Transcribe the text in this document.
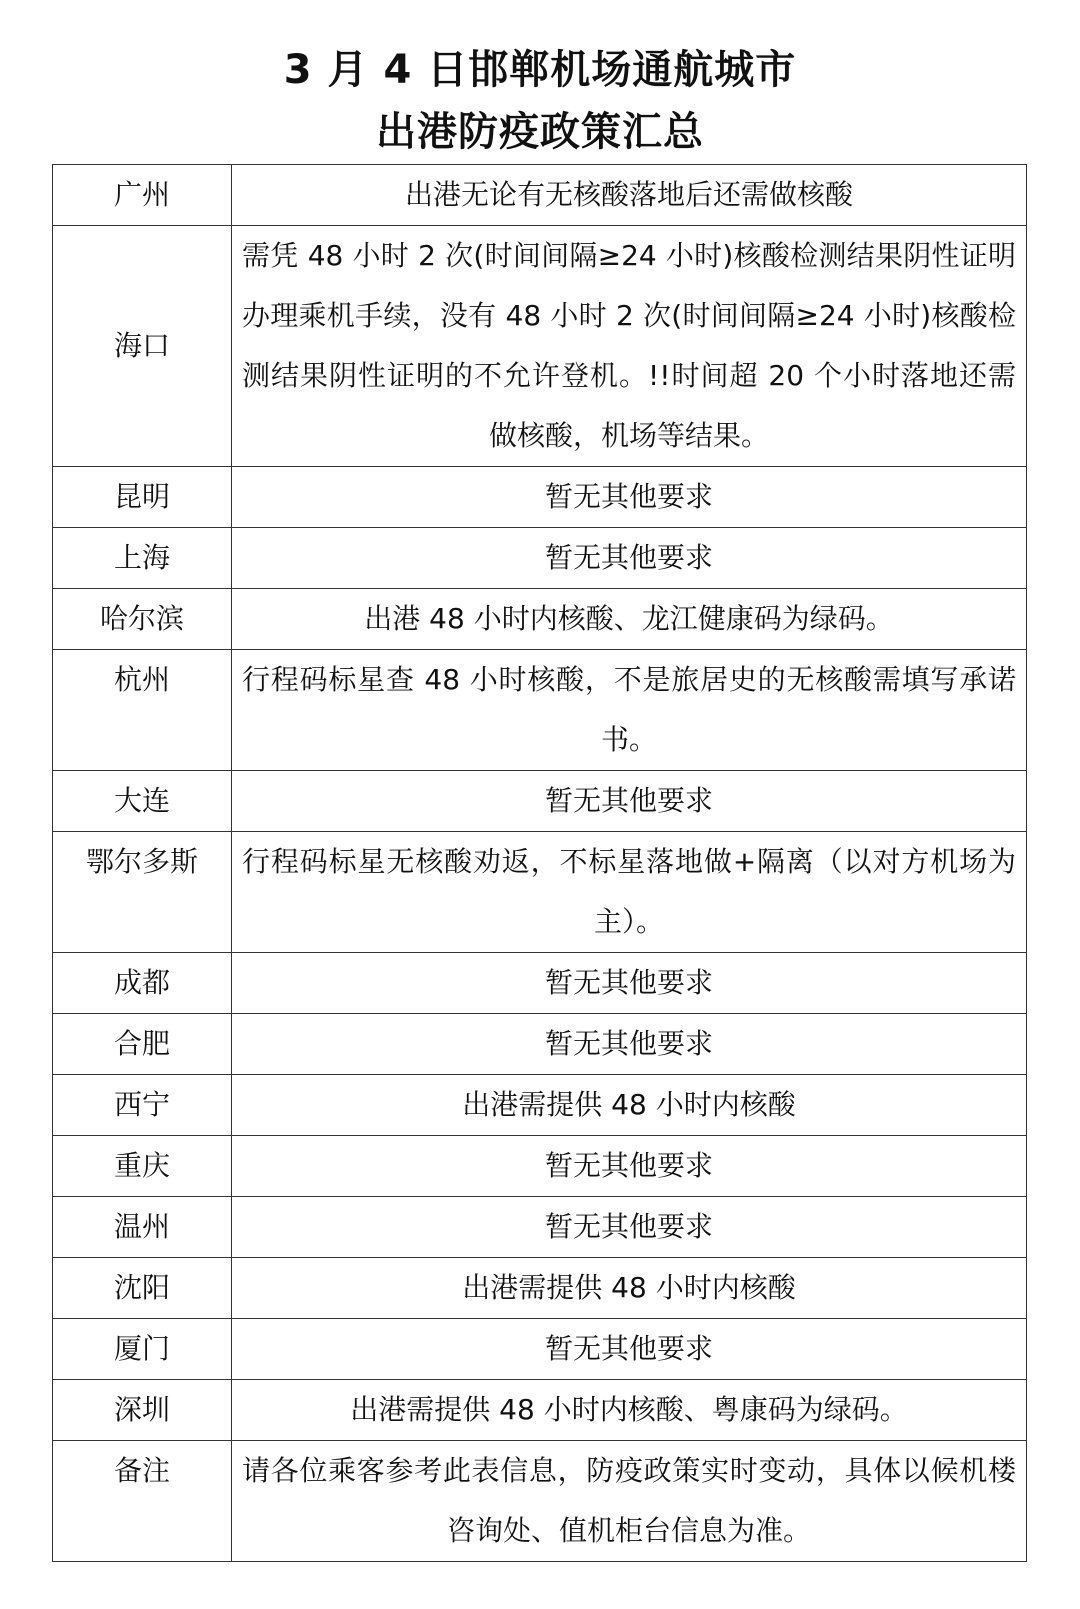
3 月 4 日邯郸机场通航城市
出港防疫政策汇总
广州	出港无论有无核酸落地后还需做核酸
海口	需凭 48 小时 2 次(时间间隔≥24 小时)核酸检测结果阴性证明办理乘机手续，没有 48 小时 2 次(时间间隔≥24 小时)核酸检测结果阴性证明的不允许登机。!!时间超 20 个小时落地还需做核酸，机场等结果。
昆明	暂无其他要求
上海	暂无其他要求
哈尔滨	出港 48 小时内核酸、龙江健康码为绿码。
杭州	行程码标星查 48 小时核酸，不是旅居史的无核酸需填写承诺书。
大连	暂无其他要求
鄂尔多斯	行程码标星无核酸劝返，不标星落地做+隔离（以对方机场为主）。
成都	暂无其他要求
合肥	暂无其他要求
西宁	出港需提供 48 小时内核酸
重庆	暂无其他要求
温州	暂无其他要求
沈阳	出港需提供 48 小时内核酸
厦门	暂无其他要求
深圳	出港需提供 48 小时内核酸、粤康码为绿码。
备注	请各位乘客参考此表信息，防疫政策实时变动，具体以候机楼咨询处、值机柜台信息为准。
